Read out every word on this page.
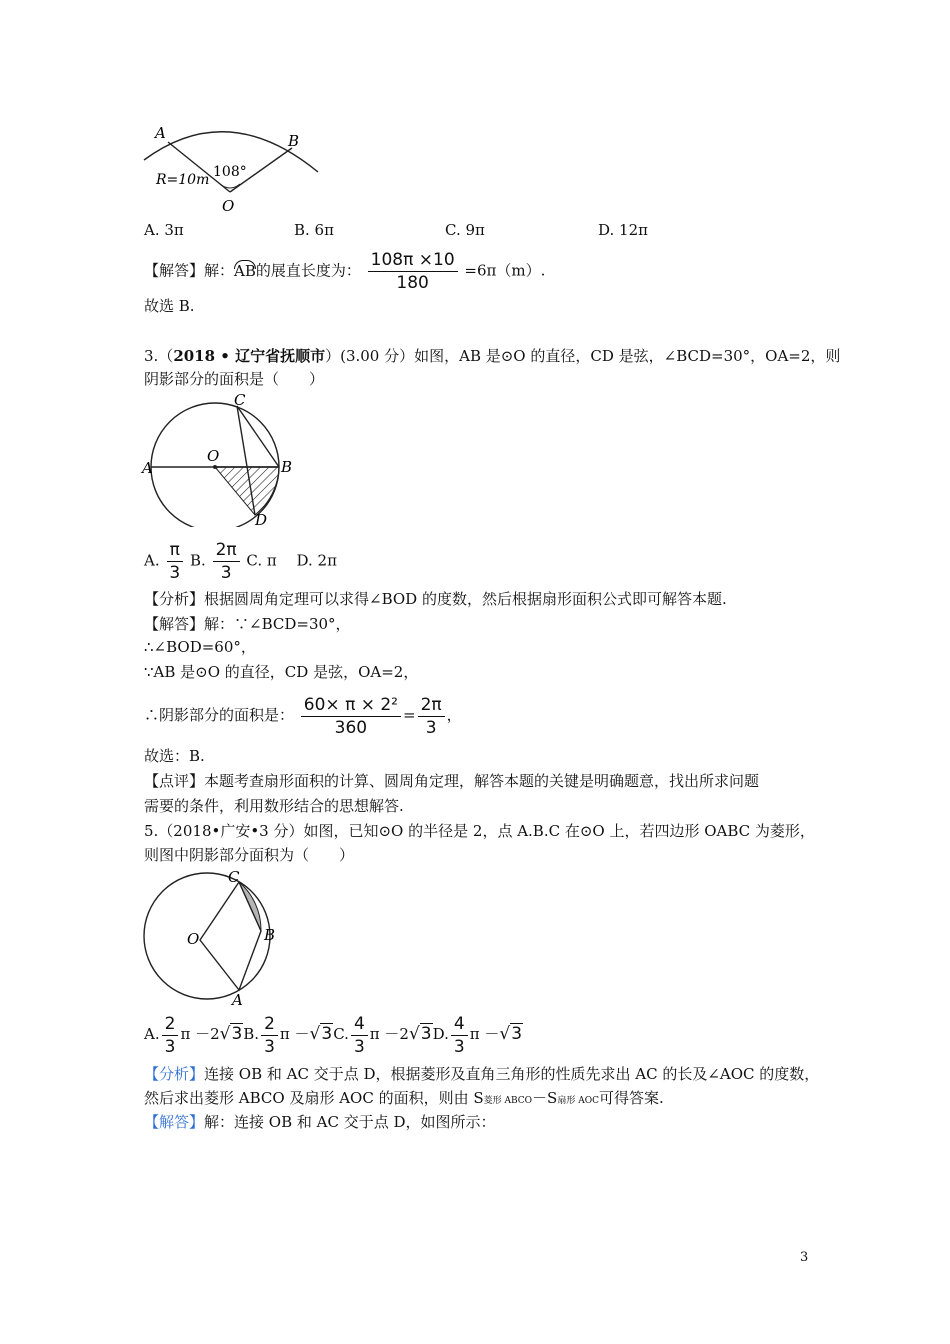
A	B
O
108°
R=10m
A. 3π	B. 6π	C. 9π	D. 12π
【解答】解：AB
的展直长度为： $\frac{108\pi \times 10}{180} =6\pi(m)$.
故选 B.
3.（2018 • 辽宁省抚顺市）(3.00 分）如图，AB 是⊙O 的直径，CD 是弦，∠BCD=30°，OA=2，则
阴影部分的面积是（　　）
A	B
C
D
O
A. $\frac{\pi}{3} B$. $\frac{2\pi}{3} C$. π　 D. 2π
【分析】根据圆周角定理可以求得∠BOD 的度数，然后根据扇形面积公式即可解答本题.
【解答】解：∵∠BCD=30°，
∴∠BOD=60°，
∵AB 是⊙O 的直径，CD 是弦，OA=2，
∴阴影部分的面积是： $\frac{\text{60× π × 2²}}{360} = \frac{2\pi}{3}$ ，
故选：B.
【点评】本题考查扇形面积的计算、圆周角定理，解答本题的关键是明确题意，找出所求问题
需要的条件，利用数形结合的思想解答.
5.（2018•广安•3 分）如图，已知⊙O 的半径是 2，点 A.B.C 在⊙O 上，若四边形 OABC 为菱形，
则图中阴影部分面积为（　　）
C
B
A
O
A. $\frac{2}{3}$ π －2√3B. $\frac{2}{3}$ π －√3C. $\frac{4}{3}$ π －2√3D. $\frac{4}{3}$ π －√3
【分析】连接 OB 和 AC 交于点 D，根据菱形及直角三角形的性质先求出 AC 的长及∠AOC 的度数，
然后求出菱形 ABCO 及扇形 AOC 的面积，则由 S菱形 ABCO－S扇形 AOC可得答案.
【解答】解：连接 OB 和 AC 交于点 D，如图所示：
3
